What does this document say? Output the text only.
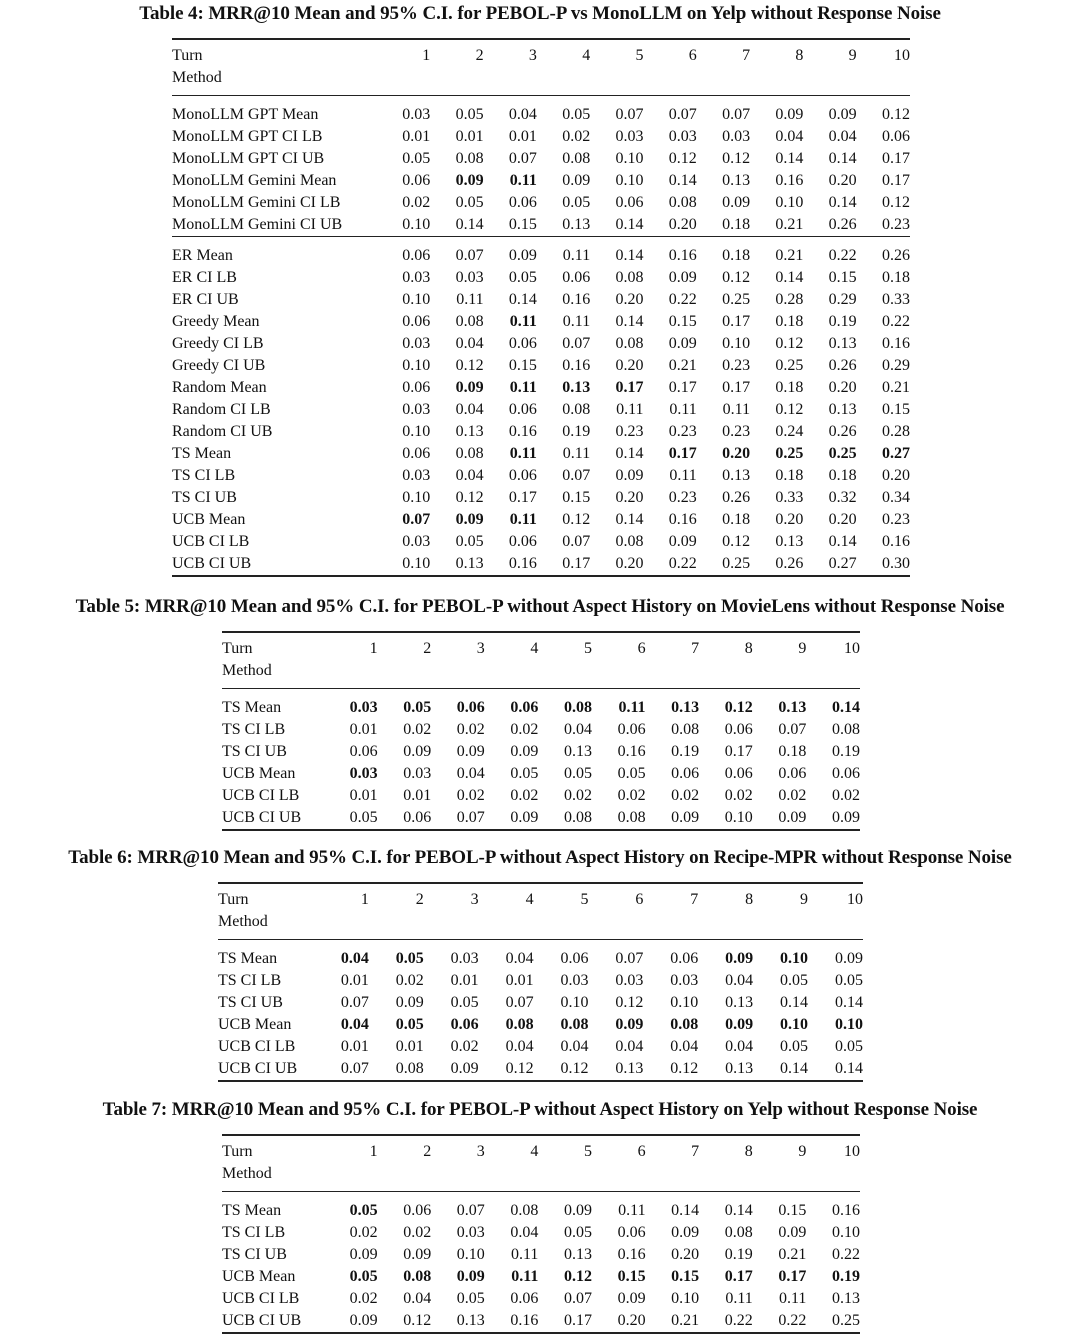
Table 4: MRR@10 Mean and 95% C.I. for PEBOL-P vs MonoLLM on Yelp without Response Noise
Table 5: MRR@10 Mean and 95% C.I. for PEBOL-P without Aspect History on MovieLens without Response Noise
Table 6: MRR@10 Mean and 95% C.I. for PEBOL-P without Aspect History on Recipe-MPR without Response Noise
Table 7: MRR@10 Mean and 95% C.I. for PEBOL-P without Aspect History on Yelp without Response Noise
Turn	1	2	3	4	5	6	7	8	9	10
Method										

MonoLLM GPT Mean	0.03	0.05	0.04	0.05	0.07	0.07	0.07	0.09	0.09	0.12
MonoLLM GPT CI LB	0.01	0.01	0.01	0.02	0.03	0.03	0.03	0.04	0.04	0.06
MonoLLM GPT CI UB	0.05	0.08	0.07	0.08	0.10	0.12	0.12	0.14	0.14	0.17
MonoLLM Gemini Mean	0.06	0.09	0.11	0.09	0.10	0.14	0.13	0.16	0.20	0.17
MonoLLM Gemini CI LB	0.02	0.05	0.06	0.05	0.06	0.08	0.09	0.10	0.14	0.12
MonoLLM Gemini CI UB	0.10	0.14	0.15	0.13	0.14	0.20	0.18	0.21	0.26	0.23

ER Mean	0.06	0.07	0.09	0.11	0.14	0.16	0.18	0.21	0.22	0.26
ER CI LB	0.03	0.03	0.05	0.06	0.08	0.09	0.12	0.14	0.15	0.18
ER CI UB	0.10	0.11	0.14	0.16	0.20	0.22	0.25	0.28	0.29	0.33
Greedy Mean	0.06	0.08	0.11	0.11	0.14	0.15	0.17	0.18	0.19	0.22
Greedy CI LB	0.03	0.04	0.06	0.07	0.08	0.09	0.10	0.12	0.13	0.16
Greedy CI UB	0.10	0.12	0.15	0.16	0.20	0.21	0.23	0.25	0.26	0.29
Random Mean	0.06	0.09	0.11	0.13	0.17	0.17	0.17	0.18	0.20	0.21
Random CI LB	0.03	0.04	0.06	0.08	0.11	0.11	0.11	0.12	0.13	0.15
Random CI UB	0.10	0.13	0.16	0.19	0.23	0.23	0.23	0.24	0.26	0.28
TS Mean	0.06	0.08	0.11	0.11	0.14	0.17	0.20	0.25	0.25	0.27
TS CI LB	0.03	0.04	0.06	0.07	0.09	0.11	0.13	0.18	0.18	0.20
TS CI UB	0.10	0.12	0.17	0.15	0.20	0.23	0.26	0.33	0.32	0.34
UCB Mean	0.07	0.09	0.11	0.12	0.14	0.16	0.18	0.20	0.20	0.23
UCB CI LB	0.03	0.05	0.06	0.07	0.08	0.09	0.12	0.13	0.14	0.16
UCB CI UB	0.10	0.13	0.16	0.17	0.20	0.22	0.25	0.26	0.27	0.30

Turn	1	2	3	4	5	6	7	8	9	10
Method										

TS Mean	0.03	0.05	0.06	0.06	0.08	0.11	0.13	0.12	0.13	0.14
TS CI LB	0.01	0.02	0.02	0.02	0.04	0.06	0.08	0.06	0.07	0.08
TS CI UB	0.06	0.09	0.09	0.09	0.13	0.16	0.19	0.17	0.18	0.19
UCB Mean	0.03	0.03	0.04	0.05	0.05	0.05	0.06	0.06	0.06	0.06
UCB CI LB	0.01	0.01	0.02	0.02	0.02	0.02	0.02	0.02	0.02	0.02
UCB CI UB	0.05	0.06	0.07	0.09	0.08	0.08	0.09	0.10	0.09	0.09

Turn	1	2	3	4	5	6	7	8	9	10
Method										

TS Mean	0.04	0.05	0.03	0.04	0.06	0.07	0.06	0.09	0.10	0.09
TS CI LB	0.01	0.02	0.01	0.01	0.03	0.03	0.03	0.04	0.05	0.05
TS CI UB	0.07	0.09	0.05	0.07	0.10	0.12	0.10	0.13	0.14	0.14
UCB Mean	0.04	0.05	0.06	0.08	0.08	0.09	0.08	0.09	0.10	0.10
UCB CI LB	0.01	0.01	0.02	0.04	0.04	0.04	0.04	0.04	0.05	0.05
UCB CI UB	0.07	0.08	0.09	0.12	0.12	0.13	0.12	0.13	0.14	0.14

Turn	1	2	3	4	5	6	7	8	9	10
Method										

TS Mean	0.05	0.06	0.07	0.08	0.09	0.11	0.14	0.14	0.15	0.16
TS CI LB	0.02	0.02	0.03	0.04	0.05	0.06	0.09	0.08	0.09	0.10
TS CI UB	0.09	0.09	0.10	0.11	0.13	0.16	0.20	0.19	0.21	0.22
UCB Mean	0.05	0.08	0.09	0.11	0.12	0.15	0.15	0.17	0.17	0.19
UCB CI LB	0.02	0.04	0.05	0.06	0.07	0.09	0.10	0.11	0.11	0.13
UCB CI UB	0.09	0.12	0.13	0.16	0.17	0.20	0.21	0.22	0.22	0.25
